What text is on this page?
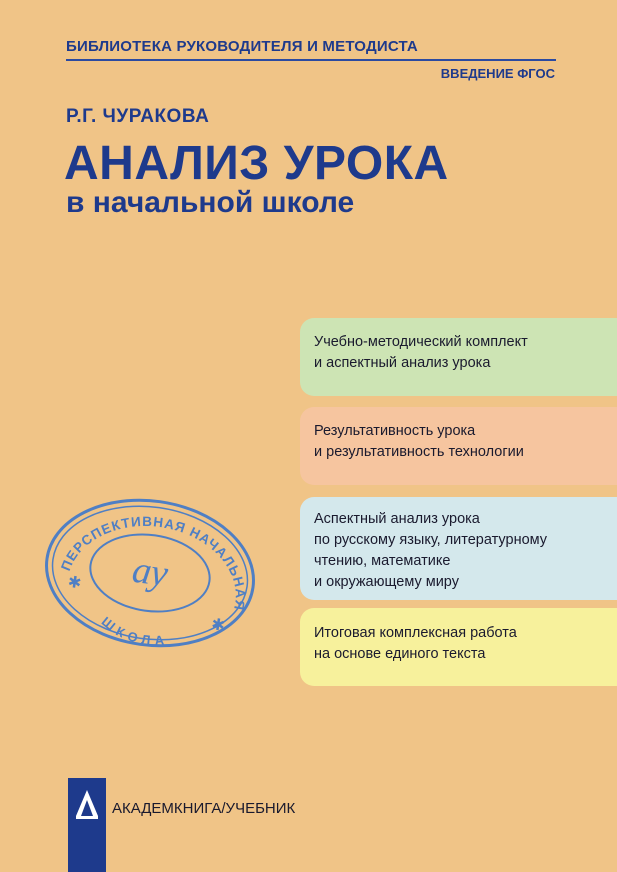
БИБЛИОТЕКА РУКОВОДИТЕЛЯ И МЕТОДИСТА
ВВЕДЕНИЕ ФГОС
Р.Г. ЧУРАКОВА
АНАЛИЗ УРОКА
в начальной школе
Учебно-методический комплект
и аспектный анализ урока
Результативность урока
и результативность технологии
Аспектный анализ урока
по русскому языку, литературному
чтению, математике
и окружающему миру
Итоговая комплексная работа
на основе единого текста
ПЕРСПЕКТИВНАЯ НАЧАЛЬНАЯ
ШКОЛА
✱
✱
ау
АКАДЕМКНИГА/УЧЕБНИК
